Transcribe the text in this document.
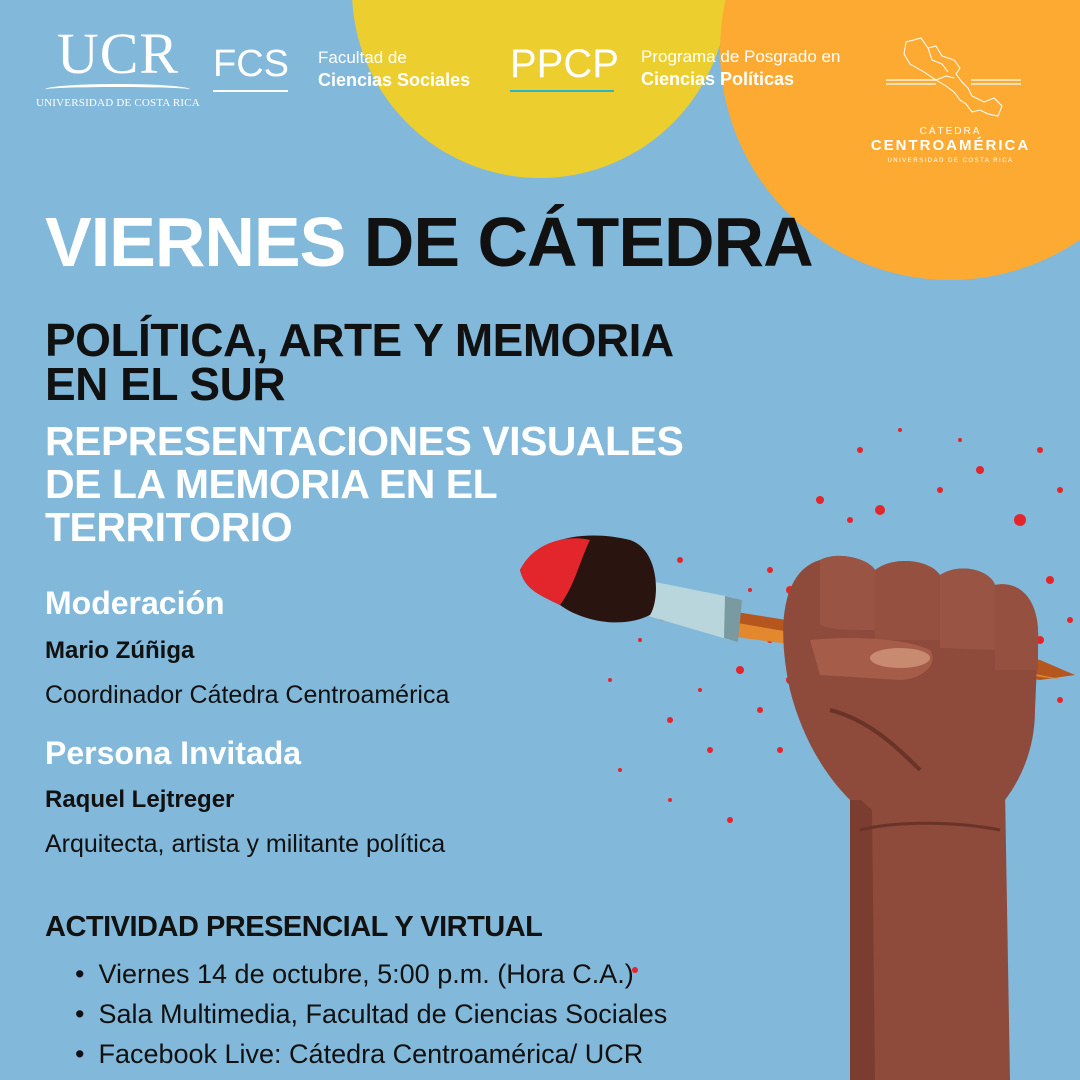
UCR
UNIVERSIDAD DE COSTA RICA
FCS Facultad de
Ciencias Sociales PPCP Programa de Posgrado en
Ciencias Políticas
CÁTEDRA
CENTROAMÉRICA
UNIVERSIDAD DE COSTA RICA
VIERNES DE CÁTEDRA
POLÍTICA, ARTE Y MEMORIA
EN EL SUR
REPRESENTACIONES VISUALES
DE LA MEMORIA EN EL
TERRITORIO
Moderación
Mario Zúñiga
Coordinador Cátedra Centroamérica
Persona Invitada
Raquel Lejtreger
Arquitecta, artista y militante política
ACTIVIDAD PRESENCIAL Y VIRTUAL
• Viernes 14 de octubre, 5:00 p.m. (Hora C.A.)
• Sala Multimedia, Facultad de Ciencias Sociales
• Facebook Live: Cátedra Centroamérica/ UCR
